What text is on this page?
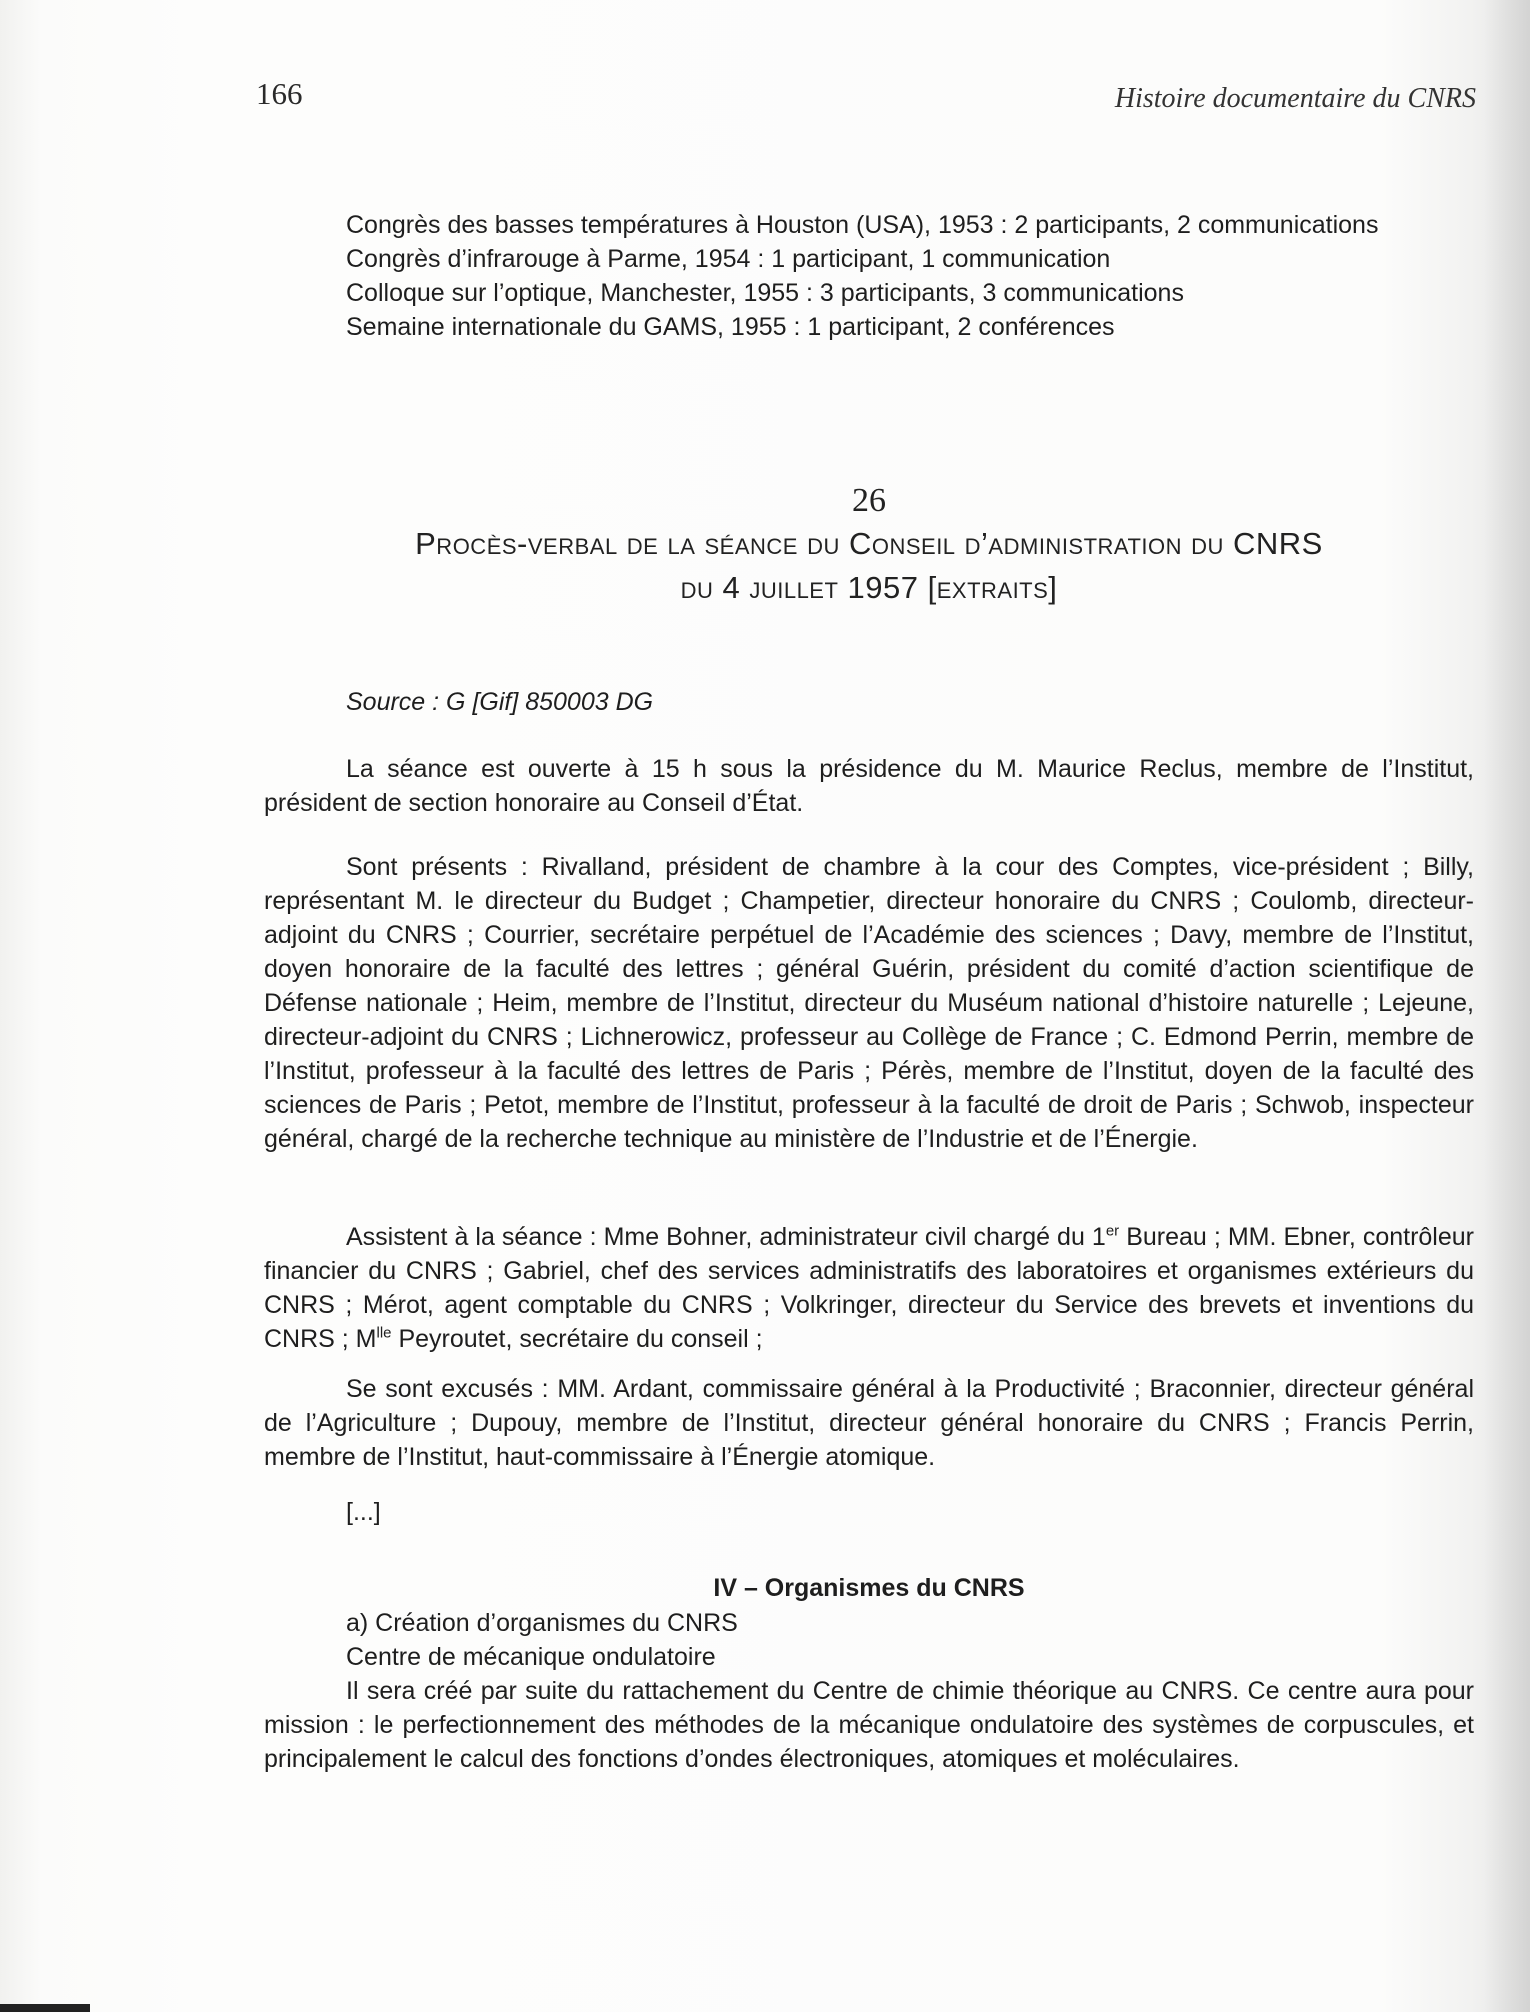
166	Histoire documentaire du CNRS

Congrès des basses températures à Houston (USA), 1953 : 2 participants, 2 communications

Congrès d’infrarouge à Parme, 1954 : 1 participant, 1 communication

Colloque sur l’optique, Manchester, 1955 : 3 participants, 3 communications

Semaine internationale du GAMS, 1955 : 1 participant, 2 conférences

26
Procès-verbal de la séance du Conseil d’administration du CNRS
du 4 juillet 1957 [extraits]
Source : G [Gif] 850003 DG

La séance est ouverte à 15 h sous la présidence du M. Maurice Reclus, membre de l’Institut, président de section honoraire au Conseil d’État.

Sont présents : Rivalland, président de chambre à la cour des Comptes, vice-président ; Billy, représentant M. le directeur du Budget ; Champetier, directeur honoraire du CNRS ; Coulomb, directeur-adjoint du CNRS ; Courrier, secrétaire perpétuel de l’Académie des sciences ; Davy, membre de l’Institut, doyen honoraire de la faculté des lettres ; général Guérin, président du comité d’action scientifique de Défense nationale ; Heim, membre de l’Institut, directeur du Muséum national d’histoire naturelle ; Lejeune, directeur-adjoint du CNRS ; Lichnerowicz, professeur au Collège de France ; C. Edmond Perrin, membre de l’Institut, professeur à la faculté des lettres de Paris ; Pérès, membre de l’Institut, doyen de la faculté des sciences de Paris ; Petot, membre de l’Institut, professeur à la faculté de droit de Paris ; Schwob, inspecteur général, chargé de la recherche technique au ministère de l’Industrie et de l’Énergie.

Assistent à la séance : Mme Bohner, administrateur civil chargé du 1er Bureau ; MM. Ebner, contrôleur financier du CNRS ; Gabriel, chef des services administratifs des laboratoires et organismes extérieurs du CNRS ; Mérot, agent comptable du CNRS ; Volkringer, directeur du Service des brevets et inventions du CNRS ; $M^{lle}$ Peyroutet, secrétaire du conseil ;

Se sont excusés : MM. Ardant, commissaire général à la Productivité ; Braconnier, directeur général de l’Agriculture ; Dupouy, membre de l’Institut, directeur général honoraire du CNRS ; Francis Perrin, membre de l’Institut, haut-commissaire à l’Énergie atomique.

[...]
IV – Organismes du CNRS

a) Création d’organismes du CNRS

Centre de mécanique ondulatoire

Il sera créé par suite du rattachement du Centre de chimie théorique au CNRS. Ce centre aura pour mission : le perfectionnement des méthodes de la mécanique ondulatoire des systèmes de corpuscules, et principalement le calcul des fonctions d’ondes électroniques, atomiques et moléculaires.
